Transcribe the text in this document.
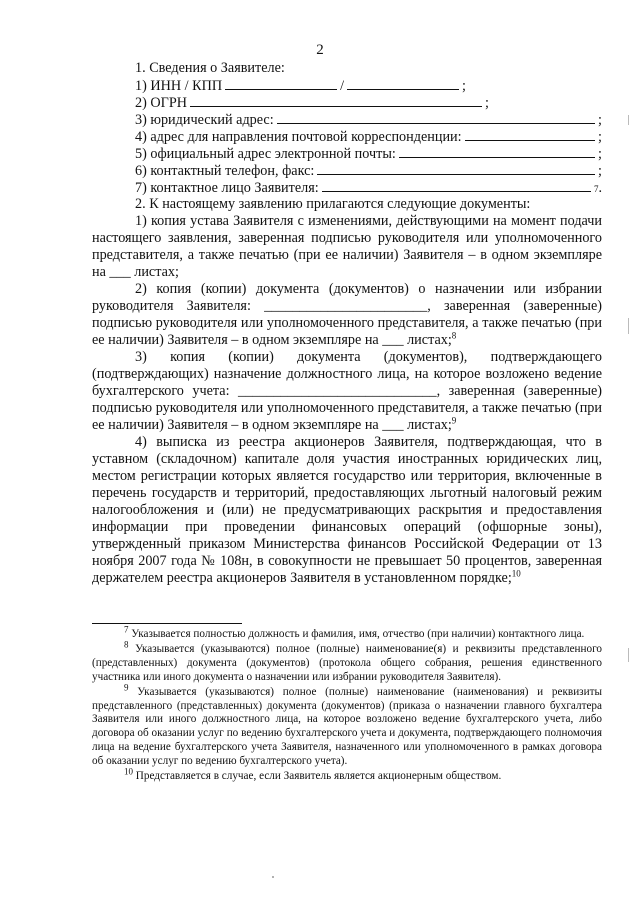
2
1. Сведения о Заявителе:
1) ИНН / КПП	/	;
2) ОГРН	;
3) юридический адрес:	;
4) адрес для направления почтовой корреспонденции:	;
5) официальный адрес электронной почты:	;
6) контактный телефон, факс:	;
7) контактное лицо Заявителя:	7 .
2. К настоящему заявлению прилагаются следующие документы:
1) копия устава Заявителя с изменениями, действующими на момент подачи настоящего заявления, заверенная подписью руководителя или уполномоченного представителя, а также печатью (при ее наличии) Заявителя – в одном экземпляре на ___ листах;
2) копия (копии) документа (документов) о назначении или избрании руководителя Заявителя: _______________________, заверенная (заверенные) подписью руководителя или уполномоченного представителя, а также печатью (при ее наличии) Заявителя – в одном экземпляре на ___ листах;$^8$
3) копия (копии) документа (документов), подтверждающего (подтверждающих) назначение должностного лица, на которое возложено ведение бухгалтерского учета: ____________________________, заверенная (заверенные) подписью руководителя или уполномоченного представителя, а также печатью (при ее наличии) Заявителя – в одном экземпляре на ___ листах;$^9$
4) выписка из реестра акционеров Заявителя, подтверждающая, что в уставном (складочном) капитале доля участия иностранных юридических лиц, местом регистрации которых является государство или территория, включенные в перечень государств и территорий, предоставляющих льготный налоговый режим налогообложения и (или) не предусматривающих раскрытия и предоставления информации при проведении финансовых операций (офшорные зоны), утвержденный приказом Министерства финансов Российской Федерации от 13 ноября 2007 года № 108н, в совокупности не превышает 50 процентов, заверенная держателем реестра акционеров Заявителя в установленном порядке;$^{10}$
$^7$ Указывается полностью должность и фамилия, имя, отчество (при наличии) контактного лица.
$^8$ Указывается (указываются) полное (полные) наименование(я) и реквизиты представленного (представленных) документа (документов) (протокола общего собрания, решения единственного участника или иного документа о назначении или избрании руководителя Заявителя).
$^9$ Указывается (указываются) полное (полные) наименование (наименования) и реквизиты представленного (представленных) документа (документов) (приказа о назначении главного бухгалтера Заявителя или иного должностного лица, на которое возложено ведение бухгалтерского учета, либо договора об оказании услуг по ведению бухгалтерского учета и документа, подтверждающего полномочия лица на ведение бухгалтерского учета Заявителя, назначенного или уполномоченного в рамках договора об оказании услуг по ведению бухгалтерского учета).
$^{10}$ Представляется в случае, если Заявитель является акционерным обществом.
